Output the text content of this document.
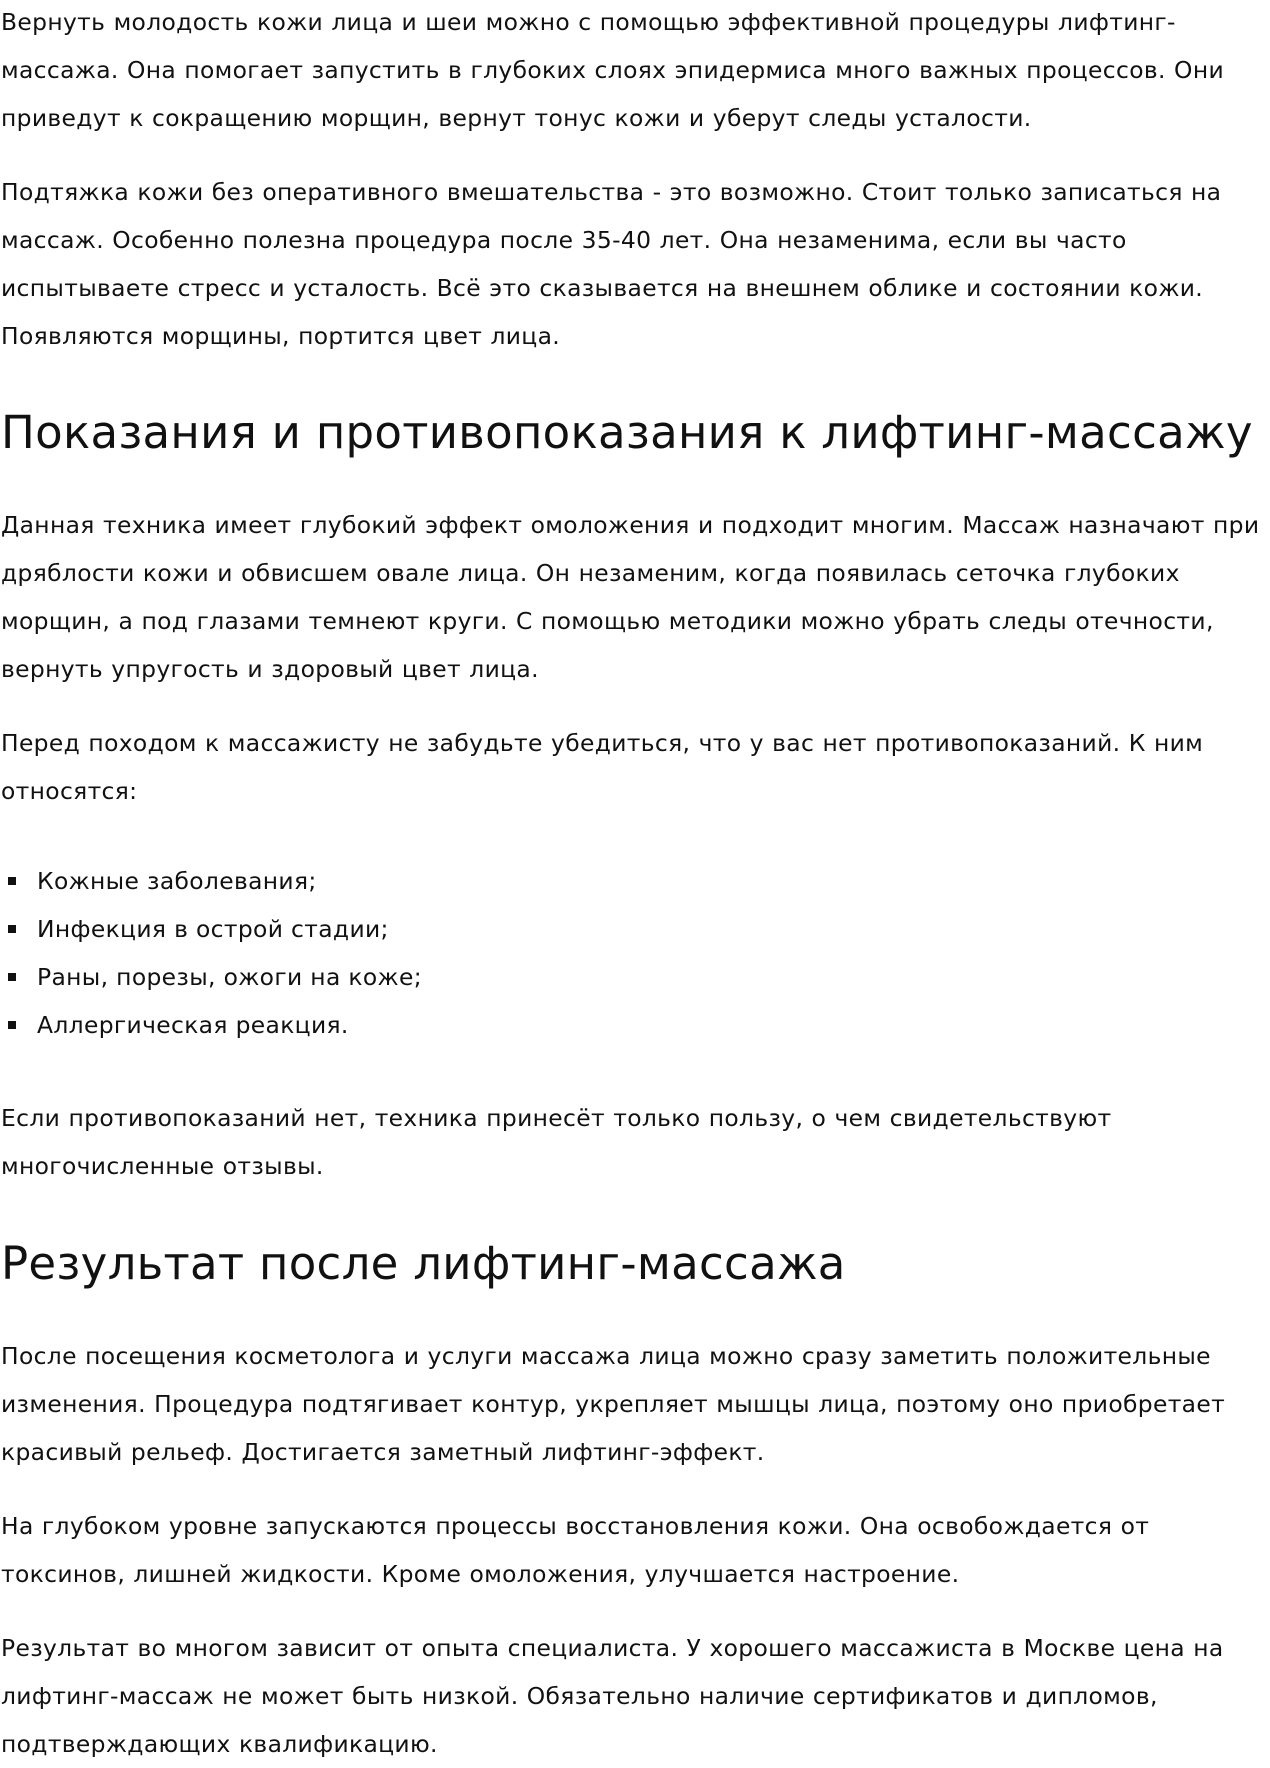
Вернуть молодость кожи лица и шеи можно с помощью эффективной процедуры лифтинг-массажа. Она помогает запустить в глубоких слоях эпидермиса много важных процессов. Они приведут к сокращению морщин, вернут тонус кожи и уберут следы усталости.

Подтяжка кожи без оперативного вмешательства - это возможно. Стоит только записаться на массаж. Особенно полезна процедура после 35-40 лет. Она незаменима, если вы часто испытываете стресс и усталость. Всё это сказывается на внешнем облике и состоянии кожи. Появляются морщины, портится цвет лица.

Показания и противопоказания к лифтинг-массажу

Данная техника имеет глубокий эффект омоложения и подходит многим. Массаж назначают при дряблости кожи и обвисшем овале лица. Он незаменим, когда появилась сеточка глубоких морщин, а под глазами темнеют круги. С помощью методики можно убрать следы отечности, вернуть упругость и здоровый цвет лица.

Перед походом к массажисту не забудьте убедиться, что у вас нет противопоказаний. К ним относятся:

Кожные заболевания;
Инфекция в острой стадии;
Раны, порезы, ожоги на коже;
Аллергическая реакция.

Если противопоказаний нет, техника принесёт только пользу, о чем свидетельствуют многочисленные отзывы.

Результат после лифтинг-массажа

После посещения косметолога и услуги массажа лица можно сразу заметить положительные изменения. Процедура подтягивает контур, укрепляет мышцы лица, поэтому оно приобретает красивый рельеф. Достигается заметный лифтинг-эффект.

На глубоком уровне запускаются процессы восстановления кожи. Она освобождается от токсинов, лишней жидкости. Кроме омоложения, улучшается настроение.

Результат во многом зависит от опыта специалиста. У хорошего массажиста в Москве цена на лифтинг-массаж не может быть низкой. Обязательно наличие сертификатов и дипломов, подтверждающих квалификацию.
